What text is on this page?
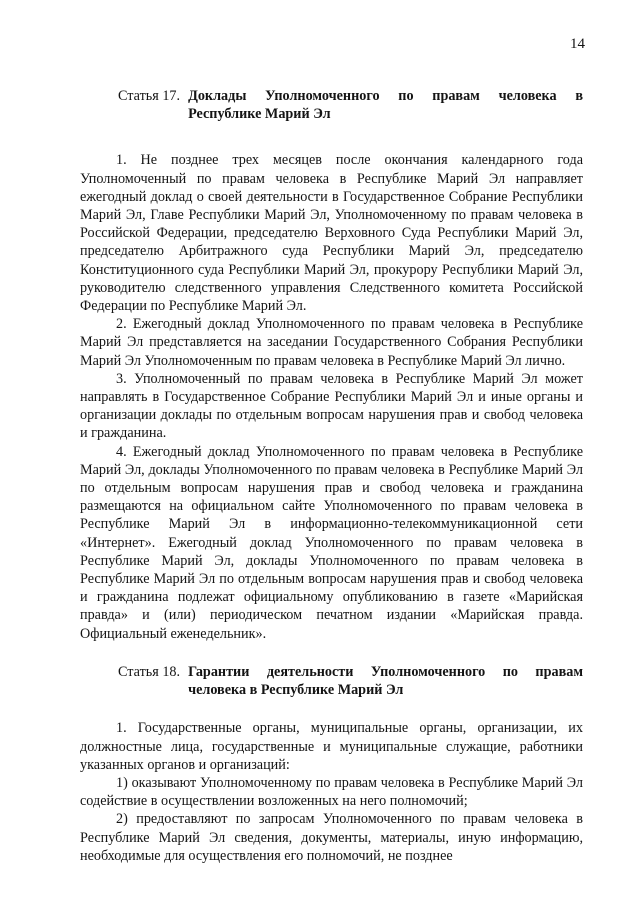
14
Статья 17. Доклады Уполномоченного по правам человека в Республике Марий Эл

1. Не позднее трех месяцев после окончания календарного года Уполномоченный по правам человека в Республике Марий Эл направляет ежегодный доклад о своей деятельности в Государственное Собрание Республики Марий Эл, Главе Республики Марий Эл, Уполномоченному по правам человека в Российской Федерации, председателю Верховного Суда Республики Марий Эл, председателю Арбитражного суда Республики Марий Эл, председателю Конституционного суда Республики Марий Эл, прокурору Республики Марий Эл, руководителю следственного управления Следственного комитета Российской Федерации по Республике Марий Эл.

2. Ежегодный доклад Уполномоченного по правам человека в Республике Марий Эл представляется на заседании Государственного Собрания Республики Марий Эл Уполномоченным по правам человека в Республике Марий Эл лично.

3. Уполномоченный по правам человека в Республике Марий Эл может направлять в Государственное Собрание Республики Марий Эл и иные органы и организации доклады по отдельным вопросам нарушения прав и свобод человека и гражданина.

4. Ежегодный доклад Уполномоченного по правам человека в Республике Марий Эл, доклады Уполномоченного по правам человека в Республике Марий Эл по отдельным вопросам нарушения прав и свобод человека и гражданина размещаются на официальном сайте Уполномоченного по правам человека в Республике Марий Эл в информационно-телекоммуникационной сети «Интернет». Ежегодный доклад Уполномоченного по правам человека в Республике Марий Эл, доклады Уполномоченного по правам человека в Республике Марий Эл по отдельным вопросам нарушения прав и свобод человека и гражданина подлежат официальному опубликованию в газете «Марийская правда» и (или) периодическом печатном издании «Марийская правда. Официальный еженедельник».

Статья 18. Гарантии деятельности Уполномоченного по правам человека в Республике Марий Эл

1. Государственные органы, муниципальные органы, организации, их должностные лица, государственные и муниципальные служащие, работники указанных органов и организаций:

1) оказывают Уполномоченному по правам человека в Республике Марий Эл содействие в осуществлении возложенных на него полномочий;

2) предоставляют по запросам Уполномоченного по правам человека в Республике Марий Эл сведения, документы, материалы, иную информацию, необходимые для осуществления его полномочий, не позднее
